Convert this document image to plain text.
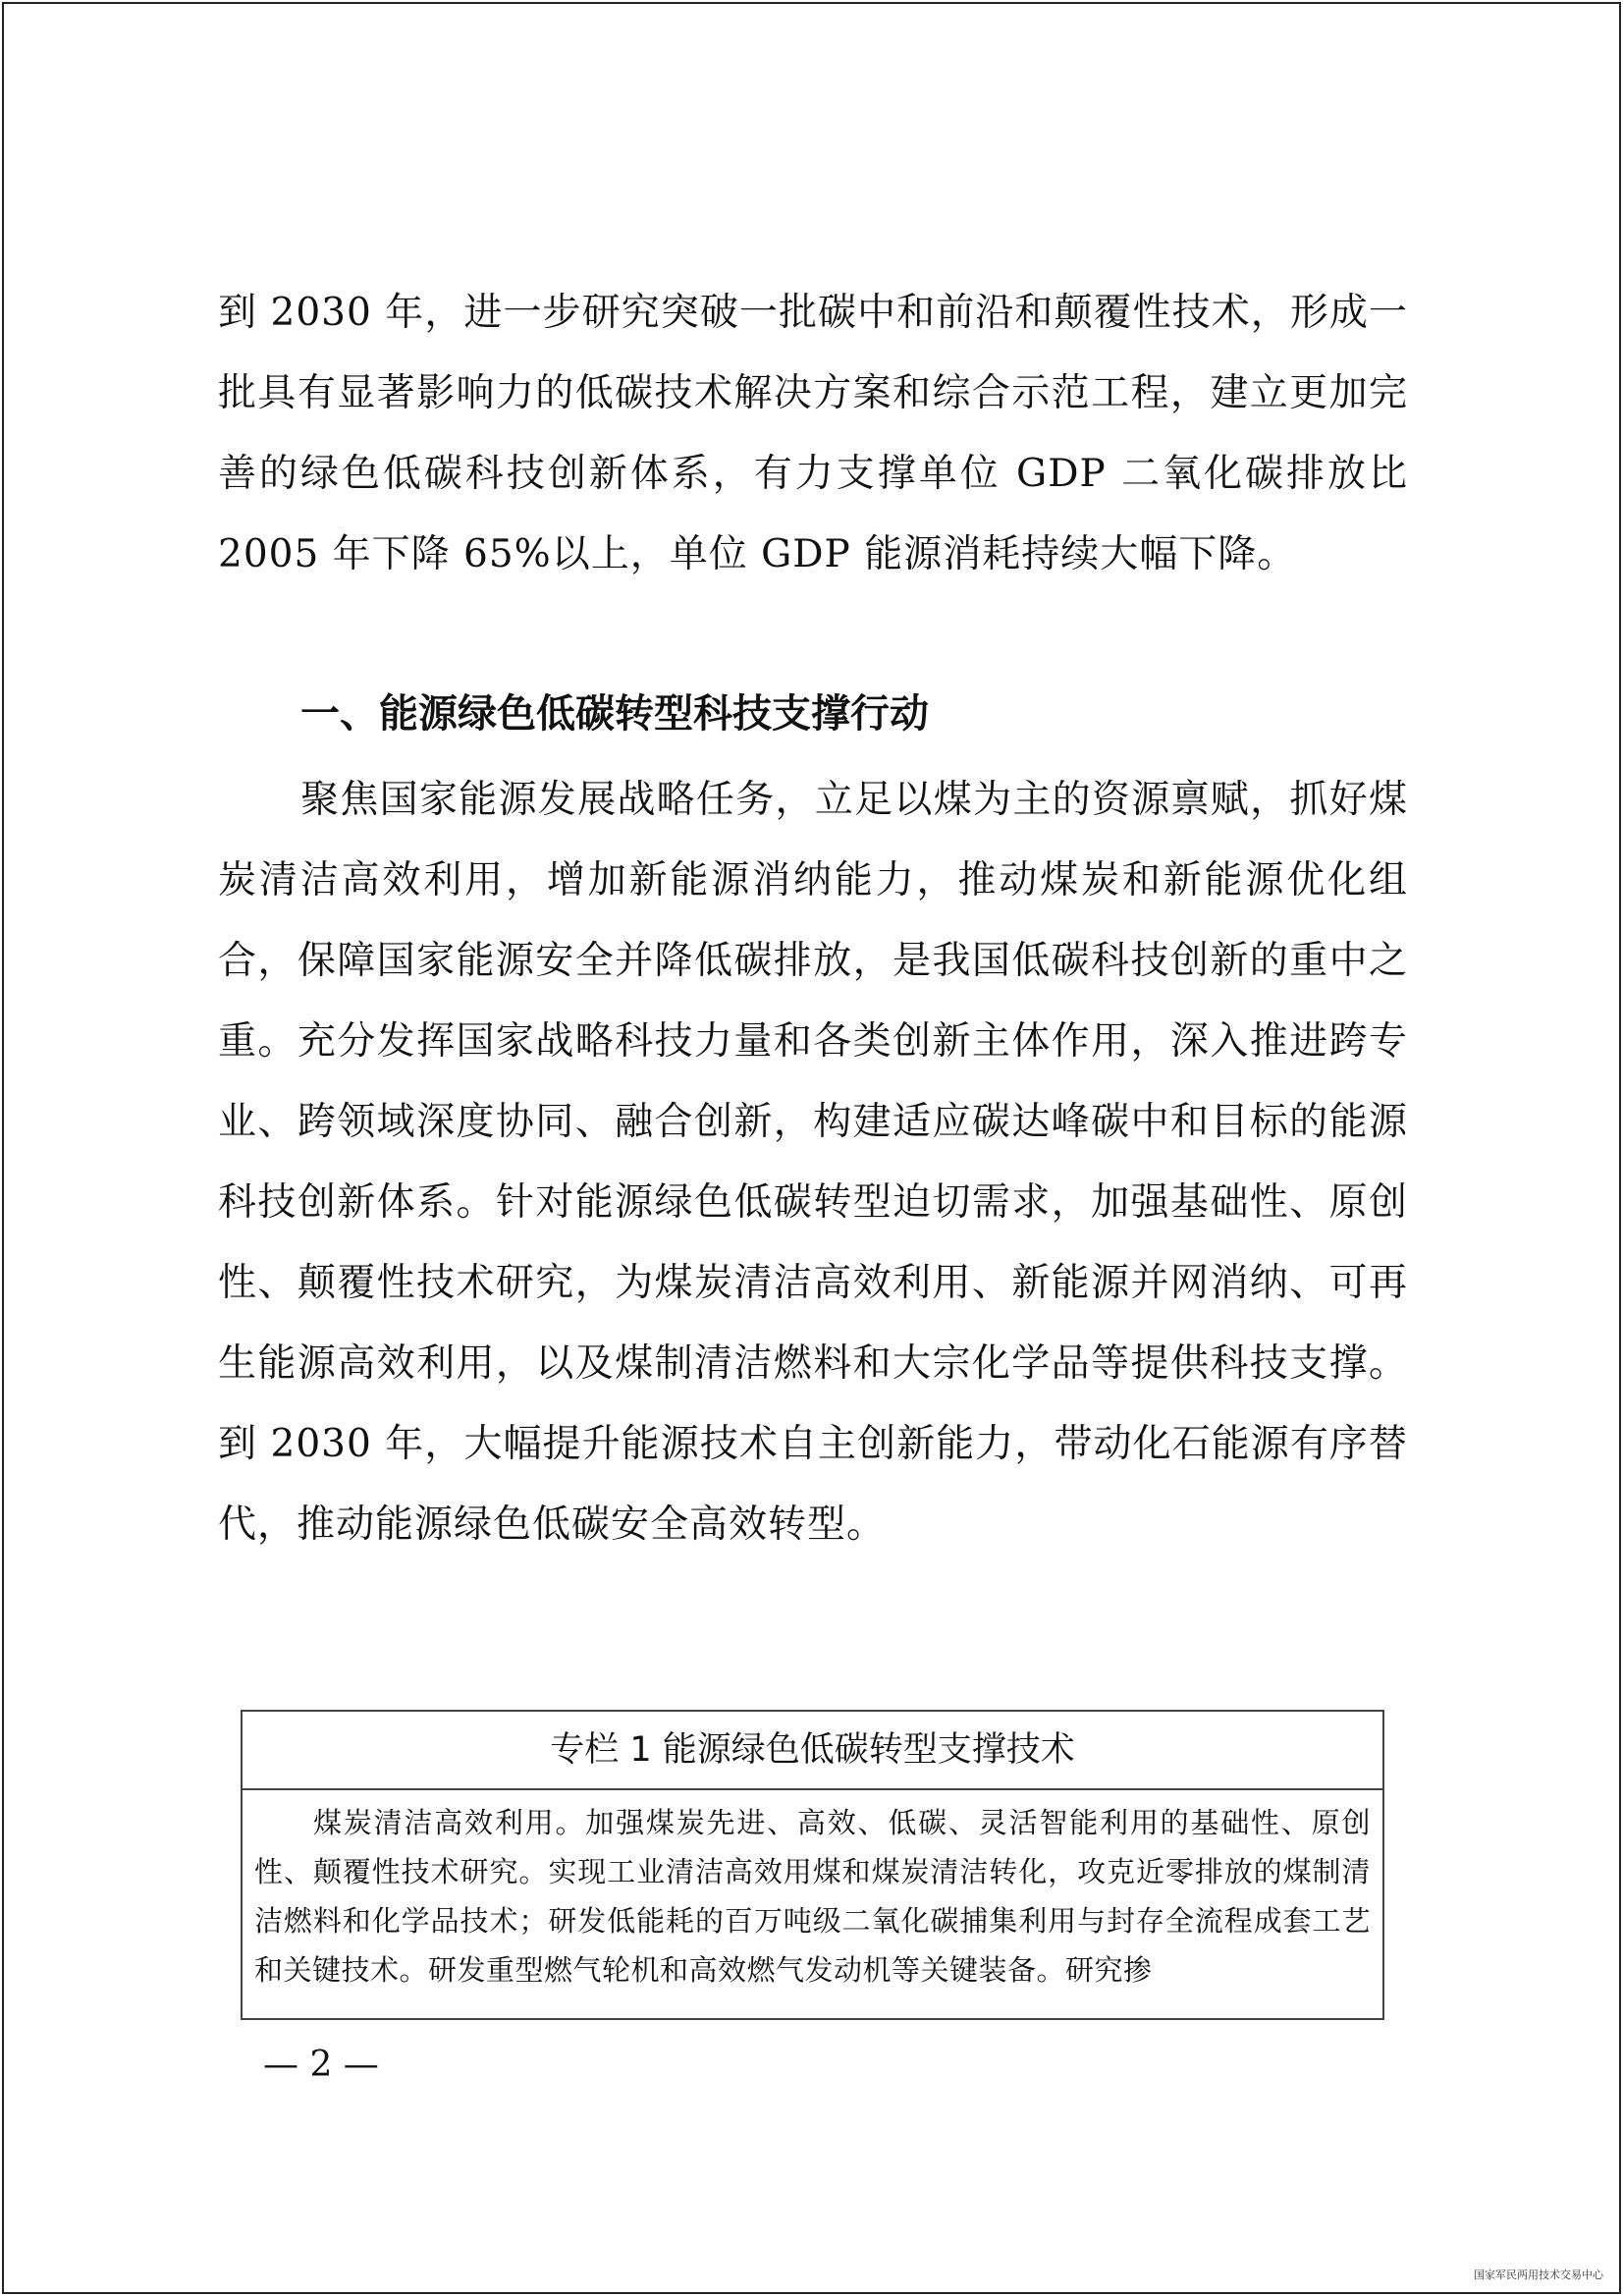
到 2030 年，进一步研究突破一批碳中和前沿和颠覆性技术，形成一批具有显著影响力的低碳技术解决方案和综合示范工程，建立更加完善的绿色低碳科技创新体系，有力支撑单位 GDP 二氧化碳排放比 2005 年下降 65%以上，单位 GDP 能源消耗持续大幅下降。

一、能源绿色低碳转型科技支撑行动

聚焦国家能源发展战略任务，立足以煤为主的资源禀赋，抓好煤炭清洁高效利用，增加新能源消纳能力，推动煤炭和新能源优化组合，保障国家能源安全并降低碳排放，是我国低碳科技创新的重中之重。充分发挥国家战略科技力量和各类创新主体作用，深入推进跨专业、跨领域深度协同、融合创新，构建适应碳达峰碳中和目标的能源科技创新体系。针对能源绿色低碳转型迫切需求，加强基础性、原创性、颠覆性技术研究，为煤炭清洁高效利用、新能源并网消纳、可再生能源高效利用，以及煤制清洁燃料和大宗化学品等提供科技支撑。到 2030 年，大幅提升能源技术自主创新能力，带动化石能源有序替代，推动能源绿色低碳安全高效转型。

专栏 1 能源绿色低碳转型支撑技术

煤炭清洁高效利用。加强煤炭先进、高效、低碳、灵活智能利用的基础性、原创性、颠覆性技术研究。实现工业清洁高效用煤和煤炭清洁转化，攻克近零排放的煤制清洁燃料和化学品技术；研发低能耗的百万吨级二氧化碳捕集利用与封存全流程成套工艺和关键技术。研发重型燃气轮机和高效燃气发动机等关键装备。研究掺

— 2 —
国家军民两用技术交易中心
